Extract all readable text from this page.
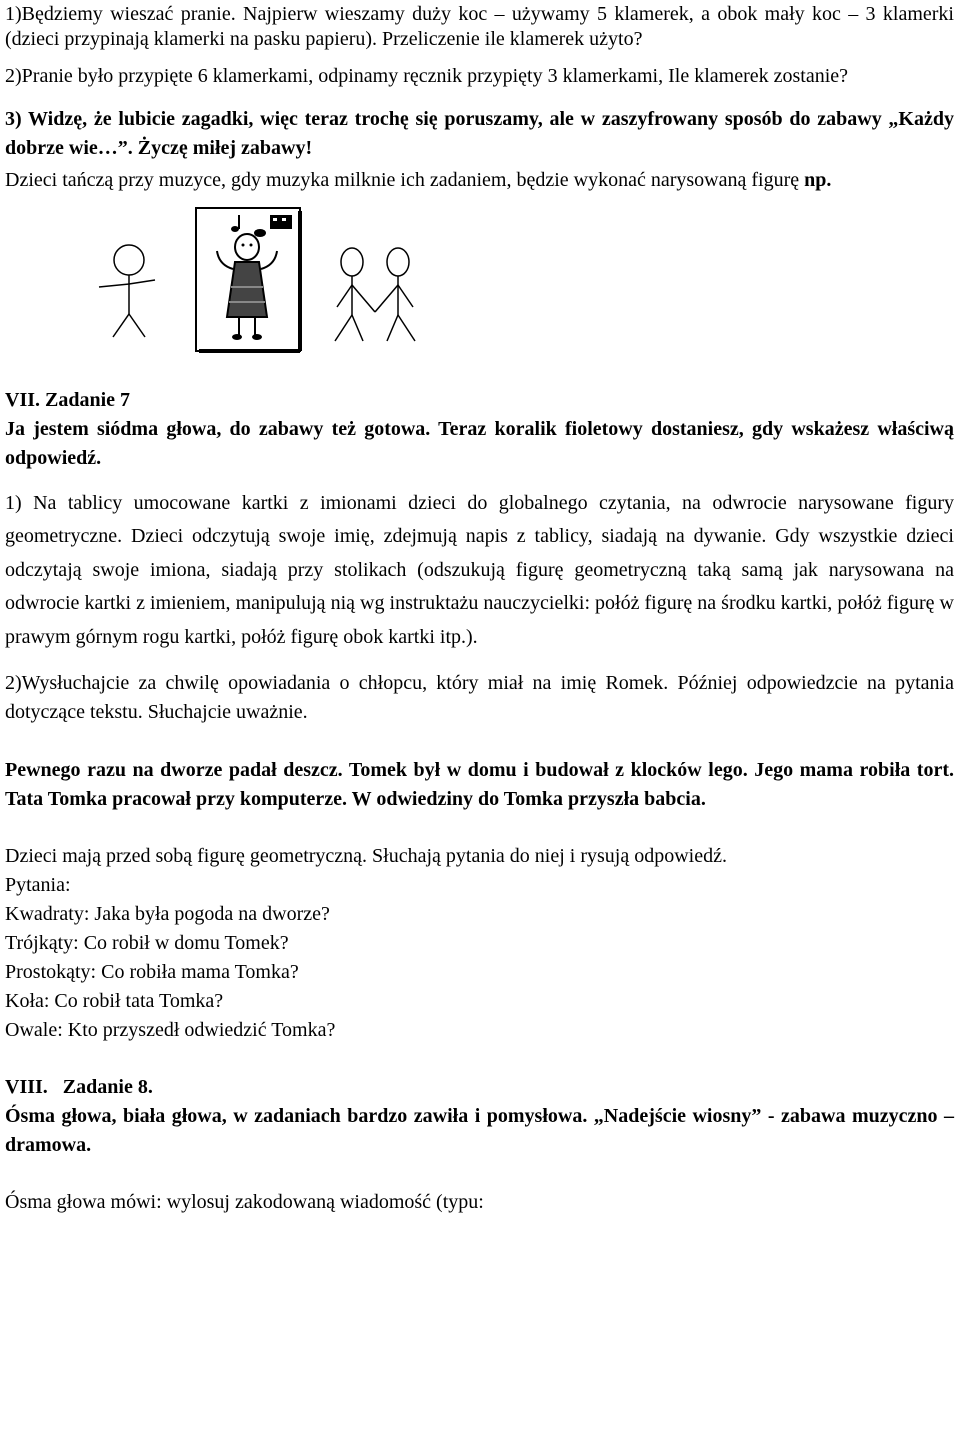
1)Będziemy wieszać pranie. Najpierw wieszamy duży koc – używamy 5 klamerek, a obok mały koc – 3 klamerki (dzieci przypinają klamerki na pasku papieru). Przeliczenie ile klamerek użyto?

2)Pranie było przypięte 6 klamerkami, odpinamy ręcznik przypięty 3 klamerkami, Ile klamerek zostanie?

3) Widzę, że lubicie zagadki, więc teraz trochę się poruszamy, ale w zaszyfrowany sposób do zabawy „Każdy dobrze wie…”. Życzę miłej zabawy!

Dzieci tańczą przy muzyce, gdy muzyka milknie ich zadaniem, będzie wykonać narysowaną figurę np.

VII. Zadanie 7

Ja jestem siódma głowa, do zabawy też gotowa. Teraz koralik fioletowy dostaniesz, gdy wskażesz właściwą odpowiedź.

1) Na tablicy umocowane kartki z imionami dzieci do globalnego czytania, na odwrocie narysowane figury geometryczne. Dzieci odczytują swoje imię, zdejmują napis z tablicy, siadają na dywanie. Gdy wszystkie dzieci odczytają swoje imiona, siadają przy stolikach (odszukują figurę geometryczną taką samą jak narysowana na odwrocie kartki z imieniem, manipulują nią wg instruktażu nauczycielki: połóż figurę na środku kartki, połóż figurę w prawym górnym rogu kartki, połóż figurę obok kartki itp.).

2)Wysłuchajcie za chwilę opowiadania o chłopcu, który miał na imię Romek. Później odpowiedzcie na pytania dotyczące tekstu. Słuchajcie uważnie.

Pewnego razu na dworze padał deszcz. Tomek był w domu i budował z klocków lego. Jego mama robiła tort. Tata Tomka pracował przy komputerze. W odwiedziny do Tomka przyszła babcia.

Dzieci mają przed sobą figurę geometryczną. Słuchają pytania do niej i rysują odpowiedź.

Pytania:

Kwadraty: Jaka była pogoda na dworze?

Trójkąty: Co robił w domu Tomek?

Prostokąty: Co robiła mama Tomka?

Koła: Co robił tata Tomka?

Owale: Kto przyszedł odwiedzić Tomka?

VIII. Zadanie 8.

Ósma głowa, biała głowa, w zadaniach bardzo zawiła i pomysłowa. „Nadejście wiosny” - zabawa muzyczno – dramowa.

Ósma głowa mówi: wylosuj zakodowaną wiadomość (typu:
